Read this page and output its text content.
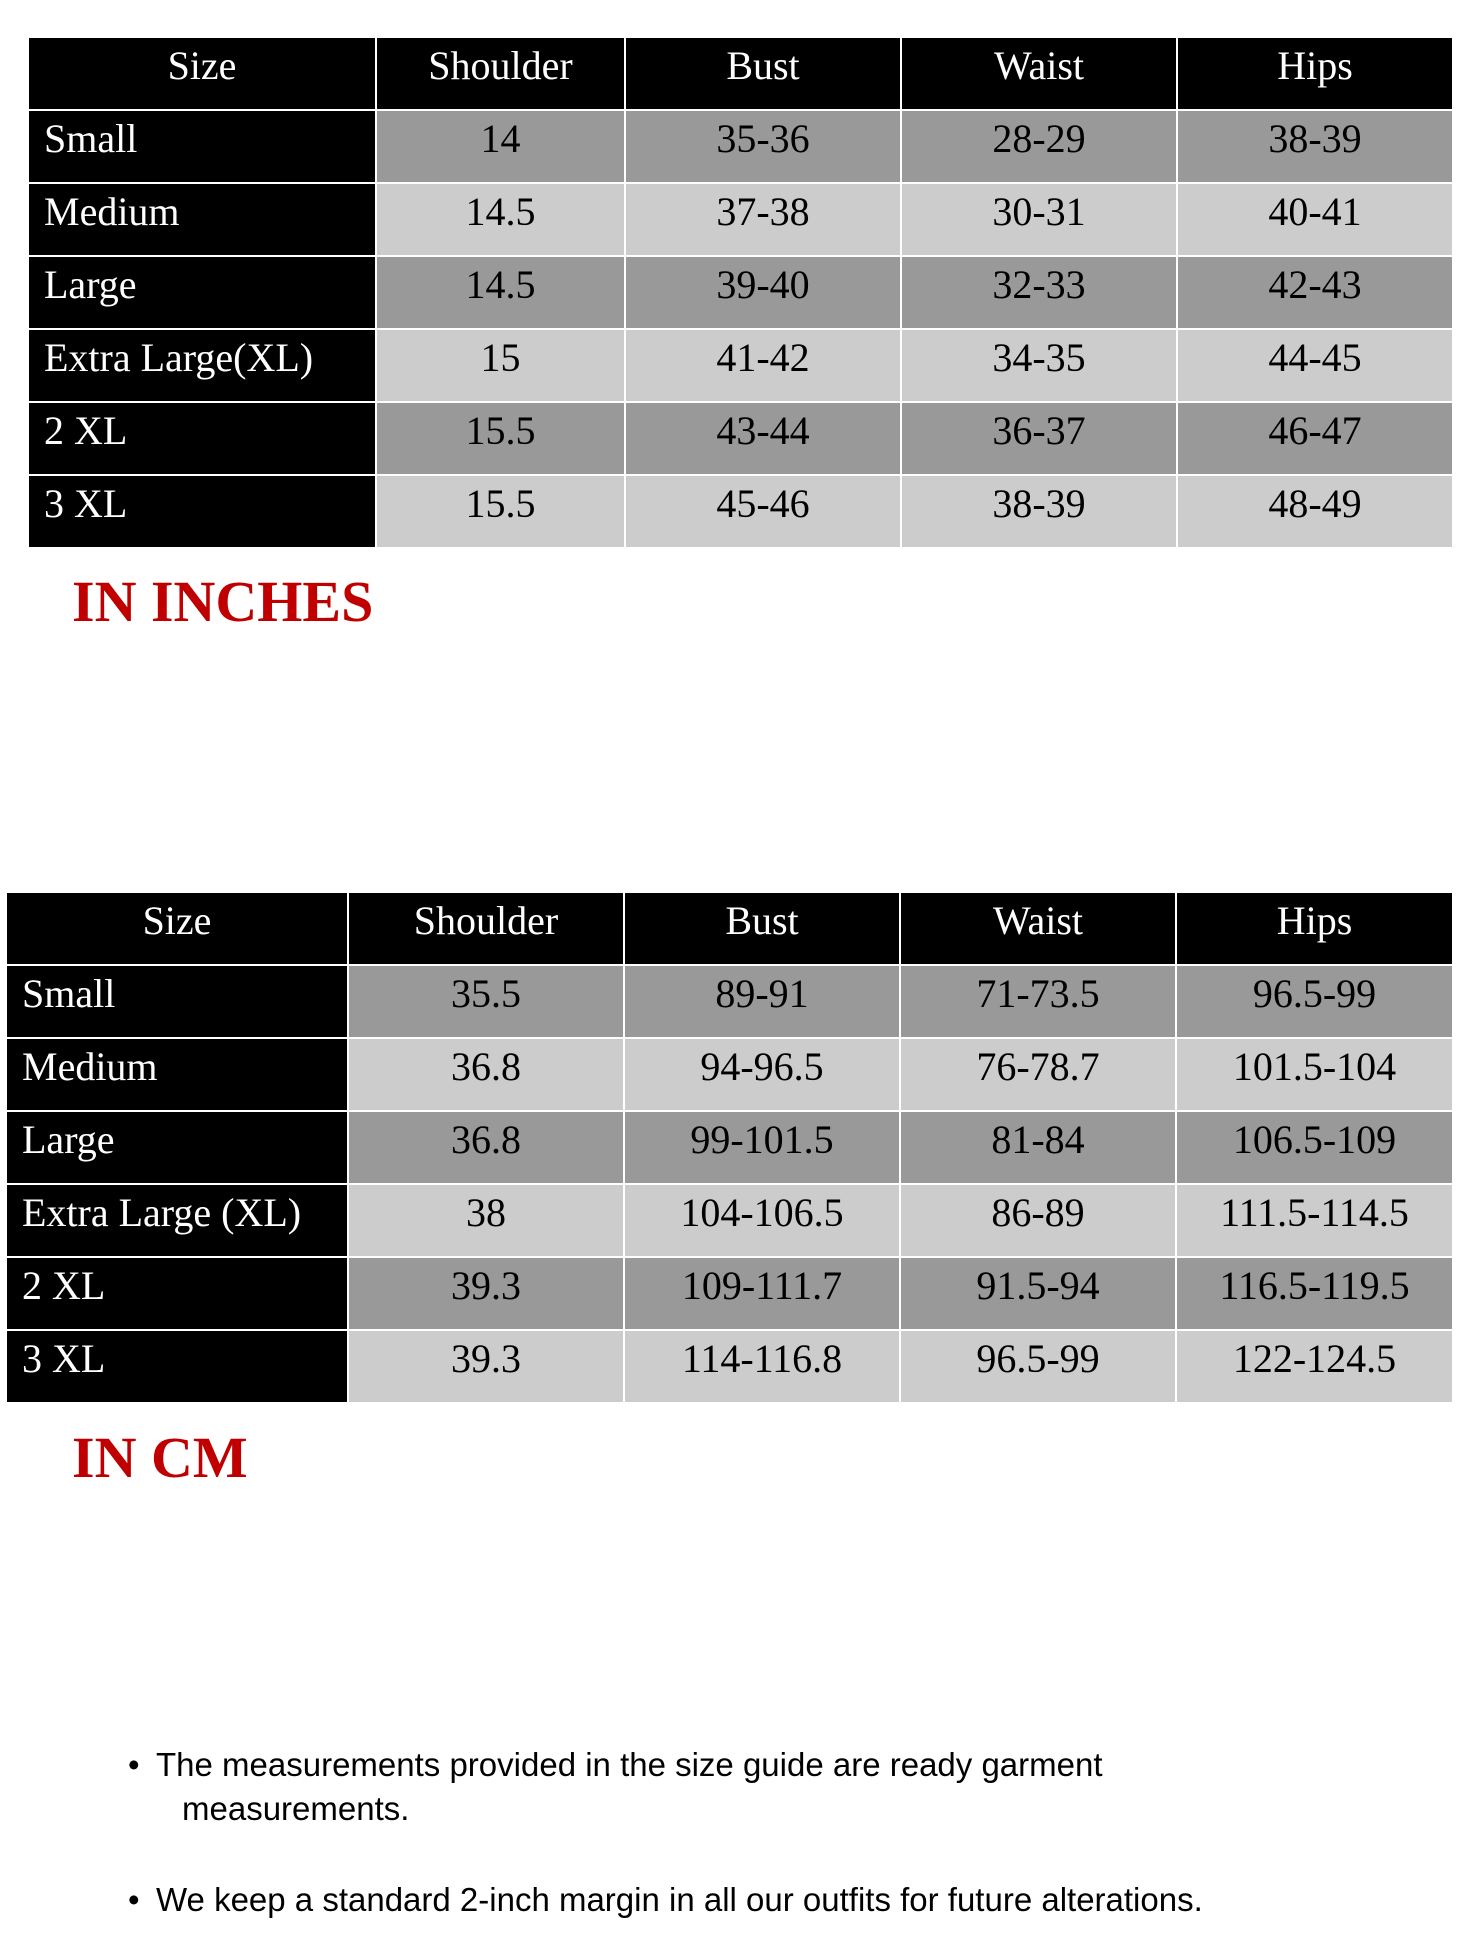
Size	Shoulder	Bust	Waist	Hips
Small	14	35-36	28-29	38-39
Medium	14.5	37-38	30-31	40-41
Large	14.5	39-40	32-33	42-43
Extra Large(XL)	15	41-42	34-35	44-45
2 XL	15.5	43-44	36-37	46-47
3 XL	15.5	45-46	38-39	48-49
IN INCHES
Size	Shoulder	Bust	Waist	Hips
Small	35.5	89-91	71-73.5	96.5-99
Medium	36.8	94-96.5	76-78.7	101.5-104
Large	36.8	99-101.5	81-84	106.5-109
Extra Large (XL)	38	104-106.5	86-89	111.5-114.5
2 XL	39.3	109-111.7	91.5-94	116.5-119.5
3 XL	39.3	114-116.8	96.5-99	122-124.5
IN CM
• The measurements provided in the size guide are ready garment
measurements.
• We keep a standard 2-inch margin in all our outfits for future alterations.
